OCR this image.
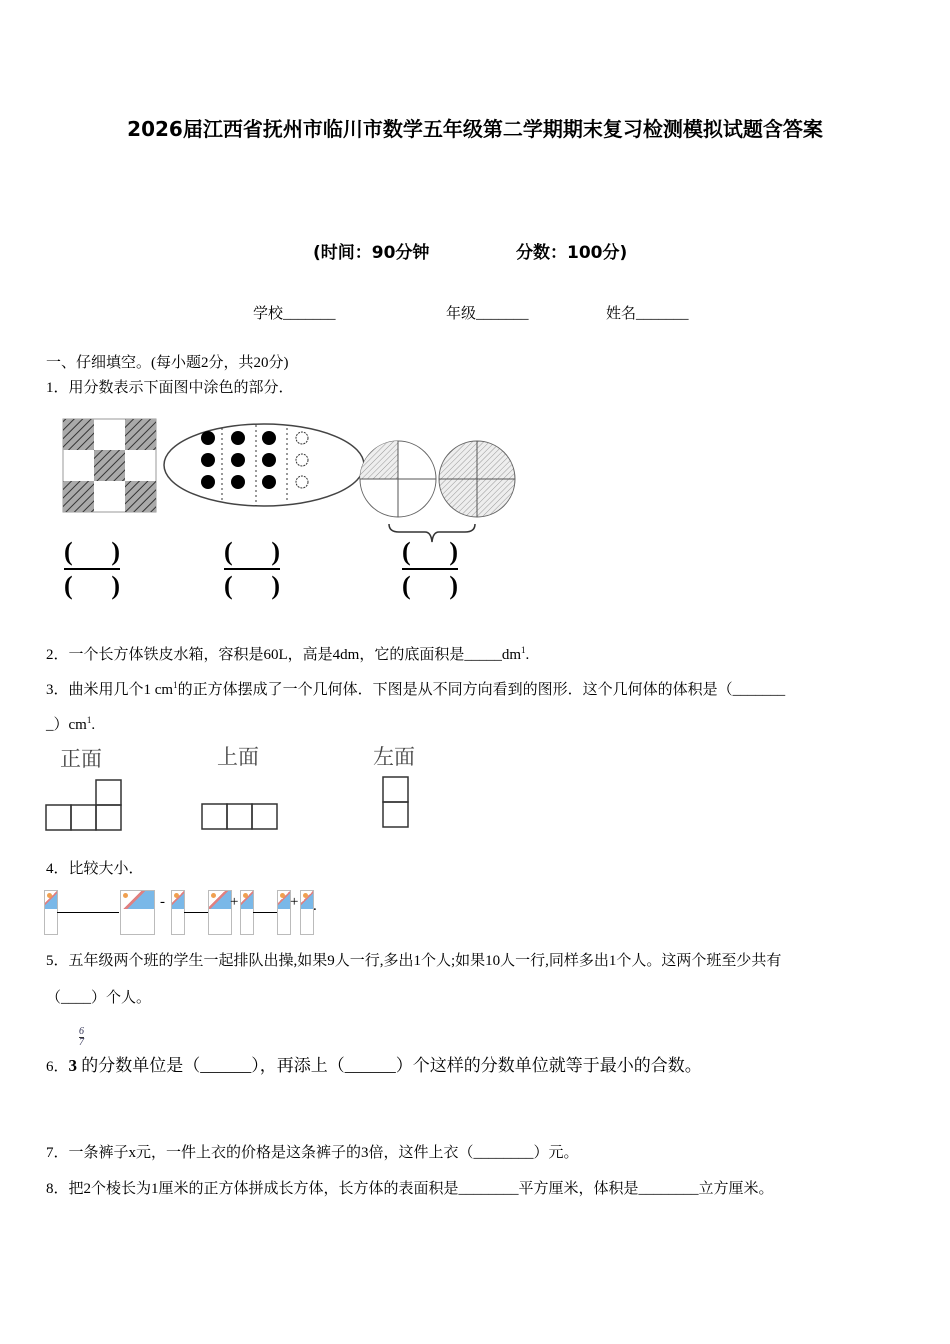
2026届江西省抚州市临川市数学五年级第二学期期末复习检测模拟试题含答案
(时间：90分钟	分数：100分)
学校_______	年级_______	姓名_______
一、仔细填空。(每小题2分，共20分)
1．用分数表示下面图中涂色的部分．
( )
( )
( )
( )
( )
( )
2．一个长方体铁皮水箱，容积是60L，高是4dm，它的底面积是$\_\_\_\_\_dm^1$.
3．曲米用几个1 $cm^1$的正方体摆成了一个几何体．下图是从不同方向看到的图形．这个几何体的体积是（_______
$\_)cm^1$.
正面	上面	左面
4．比较大小．
-	+	+ .
5．五年级两个班的学生一起排队出操,如果9人一行,多出1个人;如果10人一行,同样多出1个人。这两个班至少共有
（____）个人。
6
7
6．3 的分数单位是（______），再添上（______）个这样的分数单位就等于最小的合数。
7．一条裤子x元，一件上衣的价格是这条裤子的3倍，这件上衣（________）元。
8．把2个棱长为1厘米的正方体拼成长方体，长方体的表面积是________平方厘米，体积是________立方厘米。
